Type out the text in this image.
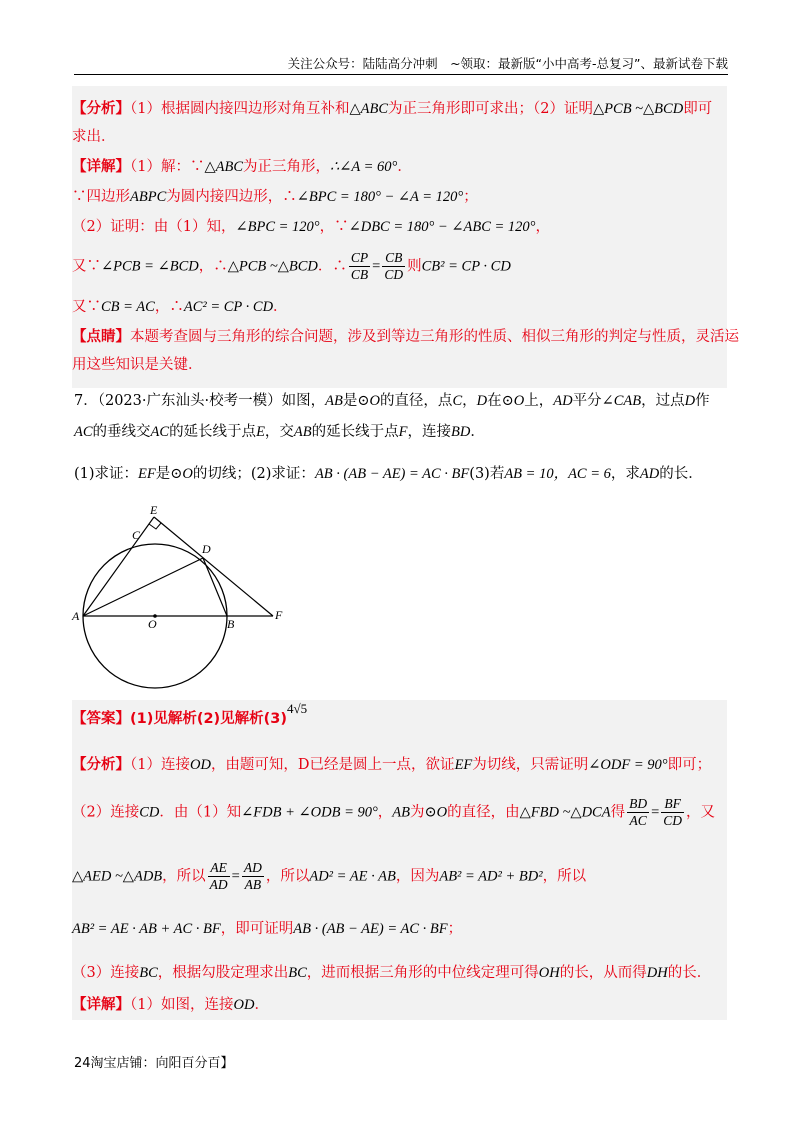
关注公众号：陆陆高分冲刺　~领取：最新版“小中高考-总复习”、最新试卷下载
【分析】（1）根据圆内接四边形对角互补和△ABC为正三角形即可求出；（2）证明△PCB ~△BCD即可
求出．
【详解】（1）解：∵△ABC为正三角形，∴∠A = 60°．
∵四边形ABPC为圆内接四边形，∴∠BPC = 180° − ∠A = 120°；
（2）证明：由（1）知，∠BPC = 120°，∵∠DBC = 180° − ∠ABC = 120°，
又∵∠PCB = ∠BCD，∴△PCB ~△BCD．∴ $\frac{CP}{CB} = \frac{CB}{CD}$ 则CB² = CP · CD
又∵CB = AC，∴AC² = CP · CD．
【点睛】本题考查圆与三角形的综合问题，涉及到等边三角形的性质、相似三角形的判定与性质，灵活运
用这些知识是关键．
7．（2023·广东汕头·校考一模）如图，AB是⊙O的直径，点C，D在⊙O上，AD平分∠CAB，过点D作
AC的垂线交AC的延长线于点E，交AB的延长线于点F，连接BD．
(1)求证：EF是⊙O的切线；(2)求证：AB · (AB − AE) = AC · BF(3)若AB = 10，AC = 6，求AD的长．
E
C
D
A
O	B
F
【答案】(1)见解析(2)见解析(3)4√5
【分析】（1）连接OD，由题可知，D已经是圆上一点，欲证EF为切线，只需证明∠ODF = 90°即可；
（2）连接CD．由（1）知∠FDB + ∠ODB = 90°，AB为⊙O的直径，由△FBD ~△DCA得 $\frac{BD}{AC} = \frac{BF}{CD}$ ，又
△AED ~△ADB，所以 $\frac{AE}{AD} = \frac{AD}{AB}$ ，所以AD² = AE · AB，因为AB² = AD² + BD²，所以
AB² = AE · AB + AC · BF，即可证明AB · (AB − AE) = AC · BF；
（3）连接BC，根据勾股定理求出BC，进而根据三角形的中位线定理可得OH的长，从而得DH的长．
【详解】（1）如图，连接OD．
24淘宝店铺：向阳百分百】
